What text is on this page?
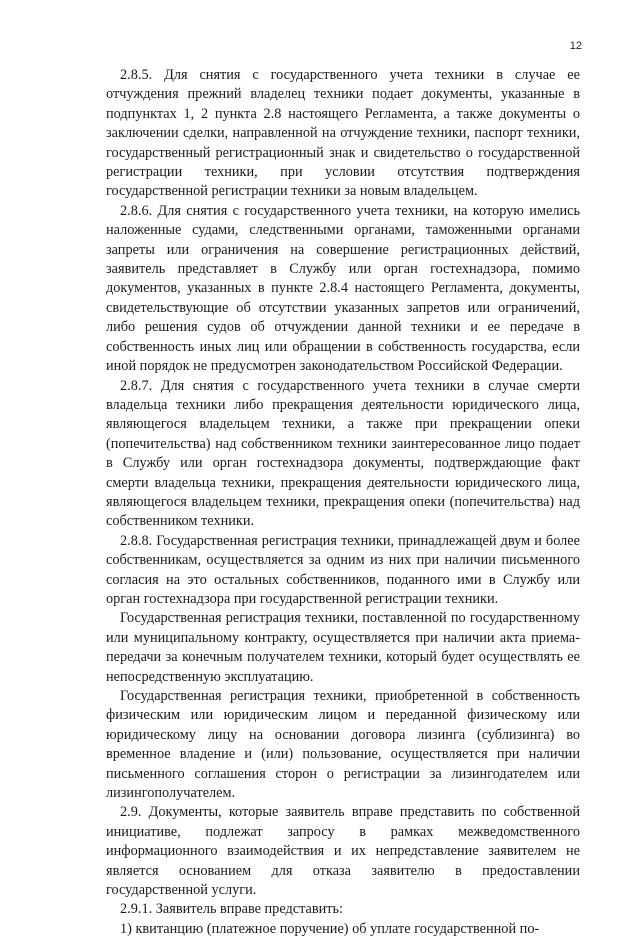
12

2.8.5. Для снятия с государственного учета техники в случае ее отчуждения прежний владелец техники подает документы, указанные в подпунктах 1, 2 пункта 2.8 настоящего Регламента, а также документы о заключении сделки, направленной на отчуждение техники, паспорт техники, государственный регистрационный знак и свидетельство о государственной регистрации техники, при условии отсутствия подтверждения государственной регистрации техники за новым владельцем.

2.8.6. Для снятия с государственного учета техники, на которую имелись наложенные судами, следственными органами, таможенными органами запреты или ограничения на совершение регистрационных действий, заявитель представляет в Службу или орган гостехнадзора, помимо документов, указанных в пункте 2.8.4 настоящего Регламента, документы, свидетельствующие об отсутствии указанных запретов или ограничений, либо решения судов об отчуждении данной техники и ее передаче в собственность иных лиц или обращении в собственность государства, если иной порядок не предусмотрен законодательством Российской Федерации.

2.8.7. Для снятия с государственного учета техники в случае смерти владельца техники либо прекращения деятельности юридического лица, являющегося владельцем техники, а также при прекращении опеки (попечительства) над собственником техники заинтересованное лицо подает в Службу или орган гостехнадзора документы, подтверждающие факт смерти владельца техники, прекращения деятельности юридического лица, являющегося владельцем техники, прекращения опеки (попечительства) над собственником техники.

2.8.8. Государственная регистрация техники, принадлежащей двум и более собственникам, осуществляется за одним из них при наличии письменного согласия на это остальных собственников, поданного ими в Службу или орган гостехнадзора при государственной регистрации техники.

Государственная регистрация техники, поставленной по государственному или муниципальному контракту, осуществляется при наличии акта приема-передачи за конечным получателем техники, который будет осуществлять ее непосредственную эксплуатацию.

Государственная регистрация техники, приобретенной в собственность физическим или юридическим лицом и переданной физическому или юридическому лицу на основании договора лизинга (сублизинга) во временное владение и (или) пользование, осуществляется при наличии письменного соглашения сторон о регистрации за лизингодателем или лизингополучателем.

2.9. Документы, которые заявитель вправе представить по собственной инициативе, подлежат запросу в рамках межведомственного информационного взаимодействия и их непредставление заявителем не является основанием для отказа заявителю в предоставлении государственной услуги.

2.9.1. Заявитель вправе представить:

1) квитанцию (платежное поручение) об уплате государственной по-
